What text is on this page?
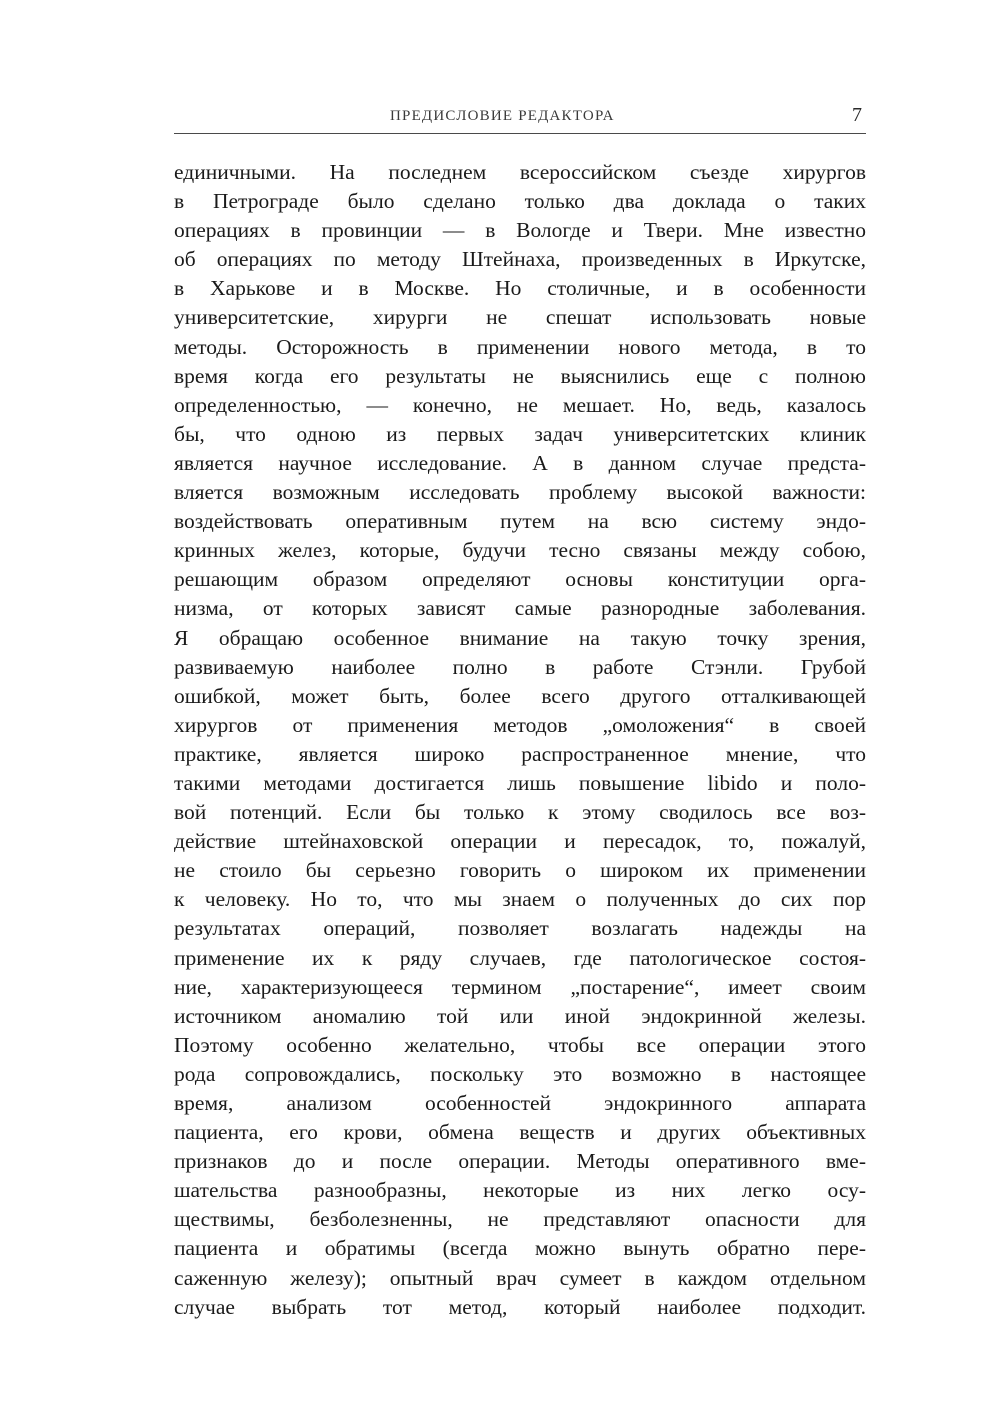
ПРЕДИСЛОВИЕ РЕДАКТОРА	7
единичными. На последнем всероссийском съезде хирургов
в Петрограде было сделано только два доклада о таких
операциях в провинции — в Вологде и Твери. Мне известно
об операциях по методу Штейнаха, произведенных в Иркутске,
в Харькове и в Москве. Но столичные, и в особенности
университетские, хирурги не спешат использовать новые
методы. Осторожность в применении нового метода, в то
время когда его результаты не выяснились еще с полною
определенностью, — конечно, не мешает. Но, ведь, казалось
бы, что одною из первых задач университетских клиник
является научное исследование. А в данном случае предста-
вляется возможным исследовать проблему высокой важности:
воздействовать оперативным путем на всю систему эндо-
кринных желез, которые, будучи тесно связаны между собою,
решающим образом определяют основы конституции орга-
низма, от которых зависят самые разнородные заболевания.
Я обращаю особенное внимание на такую точку зрения,
развиваемую наиболее полно в работе Стэнли. Грубой
ошибкой, может быть, более всего другого отталкивающей
хирургов от применения методов „омоложения“ в своей
практике, является широко распространенное мнение, что
такими методами достигается лишь повышение libido и поло-
вой потенций. Если бы только к этому сводилось все воз-
действие штейнаховской операции и пересадок, то, пожалуй,
не стоило бы серьезно говорить о широком их применении
к человеку. Но то, что мы знаем о полученных до сих пор
результатах операций, позволяет возлагать надежды на
применение их к ряду случаев, где патологическое состоя-
ние, характеризующееся термином „постарение“, имеет своим
источником аномалию той или иной эндокринной железы.
Поэтому особенно желательно, чтобы все операции этого
рода сопровождались, поскольку это возможно в настоящее
время, анализом особенностей эндокринного аппарата
пациента, его крови, обмена веществ и других объективных
признаков до и после операции. Методы оперативного вме-
шательства разнообразны, некоторые из них легко осу-
ществимы, безболезненны, не представляют опасности для
пациента и обратимы (всегда можно вынуть обратно пере-
саженную железу); опытный врач сумеет в каждом отдельном
случае выбрать тот метод, который наиболее подходит.
